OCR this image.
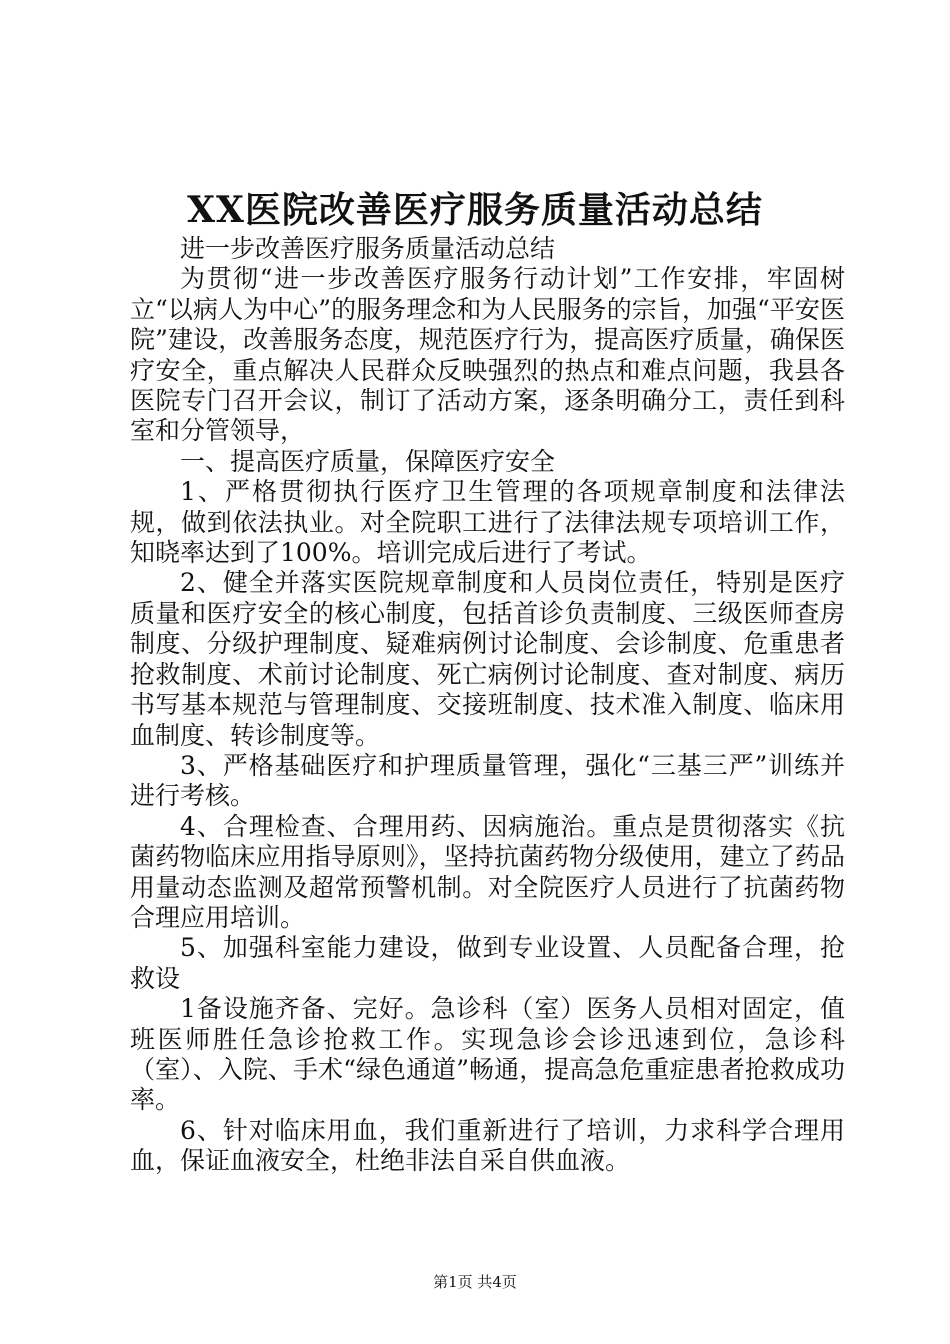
XX医院改善医疗服务质量活动总结

进一步改善医疗服务质量活动总结

为贯彻“进一步改善医疗服务行动计划”工作安排，牢固树立“以病人为中心”的服务理念和为人民服务的宗旨，加强“平安医院”建设，改善服务态度，规范医疗行为，提高医疗质量，确保医疗安全，重点解决人民群众反映强烈的热点和难点问题，我县各医院专门召开会议，制订了活动方案，逐条明确分工，责任到科室和分管领导，

一、提高医疗质量，保障医疗安全

1、严格贯彻执行医疗卫生管理的各项规章制度和法律法规，做到依法执业。对全院职工进行了法律法规专项培训工作，知晓率达到了100%。培训完成后进行了考试。

2、健全并落实医院规章制度和人员岗位责任，特别是医疗质量和医疗安全的核心制度，包括首诊负责制度、三级医师查房制度、分级护理制度、疑难病例讨论制度、会诊制度、危重患者抢救制度、术前讨论制度、死亡病例讨论制度、查对制度、病历书写基本规范与管理制度、交接班制度、技术准入制度、临床用血制度、转诊制度等。

3、严格基础医疗和护理质量管理，强化“三基三严”训练并进行考核。

4、合理检查、合理用药、因病施治。重点是贯彻落实《抗菌药物临床应用指导原则》，坚持抗菌药物分级使用，建立了药品用量动态监测及超常预警机制。对全院医疗人员进行了抗菌药物合理应用培训。

5、加强科室能力建设，做到专业设置、人员配备合理，抢救设

1备设施齐备、完好。急诊科（室）医务人员相对固定，值班医师胜任急诊抢救工作。实现急诊会诊迅速到位，急诊科（室）、入院、手术“绿色通道”畅通，提高急危重症患者抢救成功率。

6、针对临床用血，我们重新进行了培训，力求科学合理用血，保证血液安全，杜绝非法自采自供血液。

第1页 共4页
